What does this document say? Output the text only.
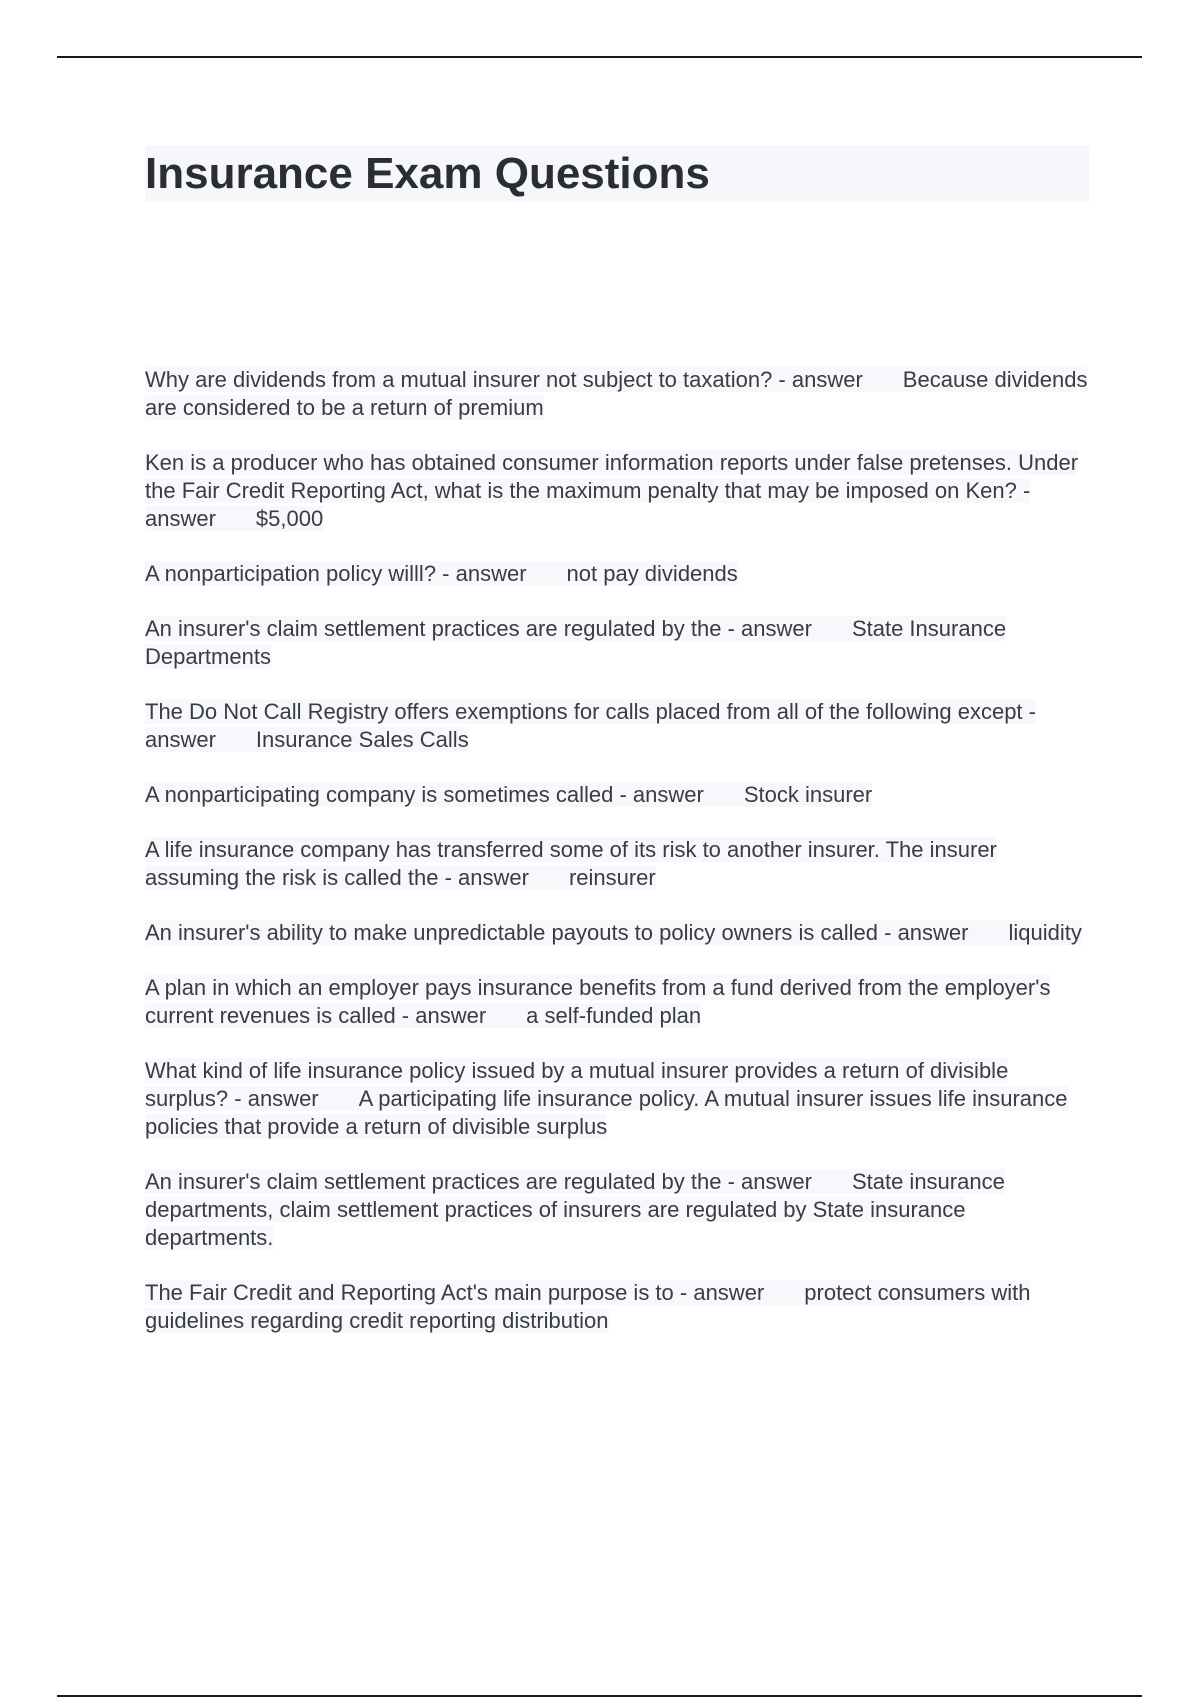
Insurance Exam Questions
Why are dividends from a mutual insurer not subject to taxation? - answer Because dividends are considered to be a return of premium
Ken is a producer who has obtained consumer information reports under false pretenses. Under the Fair Credit Reporting Act, what is the maximum penalty that may be imposed on Ken? - answer $5,000
A nonparticipation policy willl? - answer not pay dividends
An insurer's claim settlement practices are regulated by the - answer State Insurance Departments
The Do Not Call Registry offers exemptions for calls placed from all of the following except - answer Insurance Sales Calls
A nonparticipating company is sometimes called - answer Stock insurer
A life insurance company has transferred some of its risk to another insurer. The insurer assuming the risk is called the - answer reinsurer
An insurer's ability to make unpredictable payouts to policy owners is called - answer liquidity
A plan in which an employer pays insurance benefits from a fund derived from the employer's current revenues is called - answer a self-funded plan
What kind of life insurance policy issued by a mutual insurer provides a return of divisible surplus? - answer A participating life insurance policy. A mutual insurer issues life insurance policies that provide a return of divisible surplus
An insurer's claim settlement practices are regulated by the - answer State insurance departments, claim settlement practices of insurers are regulated by State insurance departments.
The Fair Credit and Reporting Act's main purpose is to - answer protect consumers with guidelines regarding credit reporting distribution
